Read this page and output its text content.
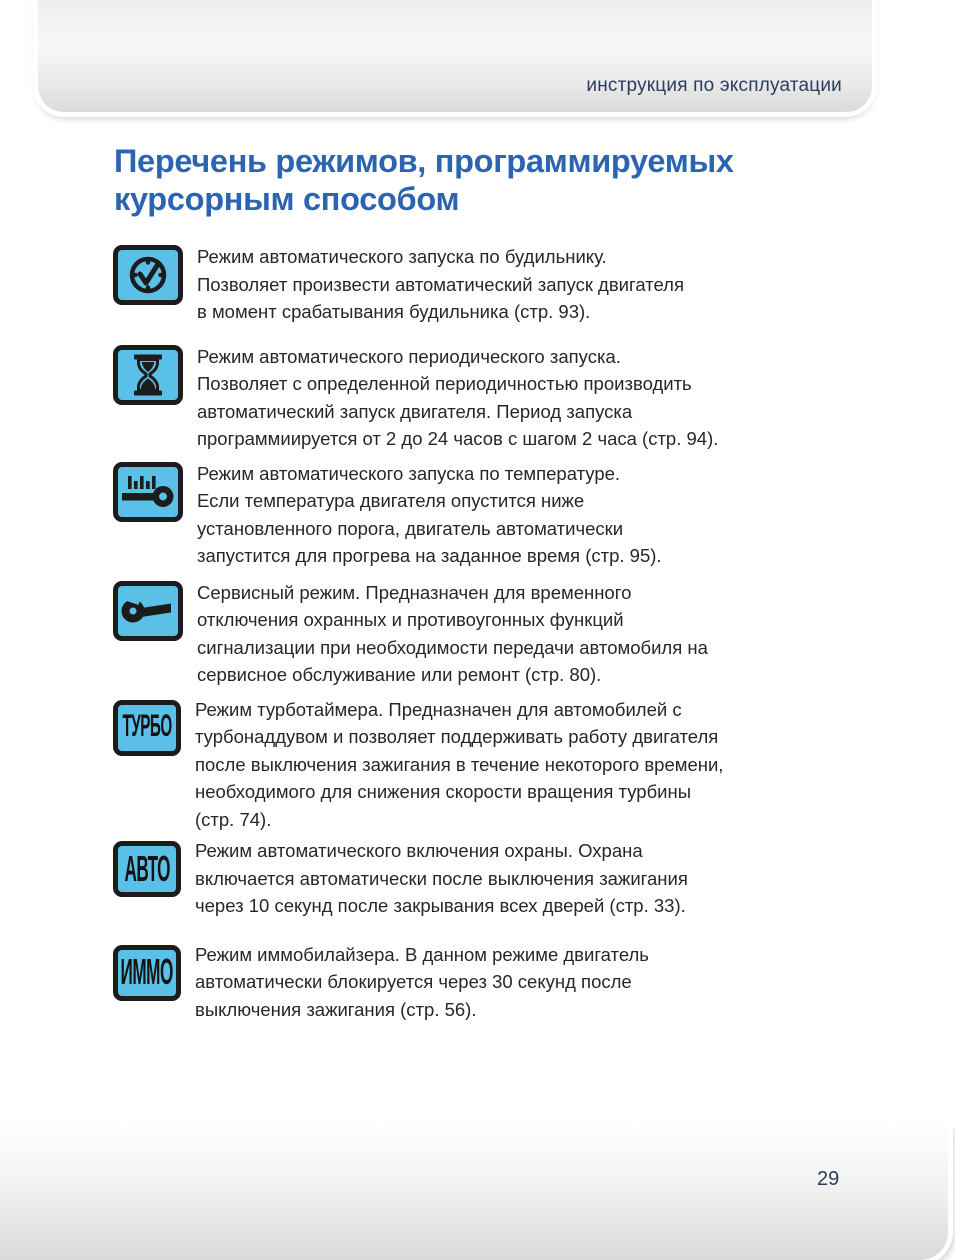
инструкция по эксплуатации
Перечень режимов, программируемых
курсорным способом
Режим автоматического запуска по будильнику.
Позволяет произвести автоматический запуск двигателя
в момент срабатывания будильника (стр. 93).
Режим автоматического периодического запуска.
Позволяет с определенной периодичностью производить
автоматический запуск двигателя. Период запуска
программиируется от 2 до 24 часов с шагом 2 часа (стр. 94).
Режим автоматического запуска по температуре.
Если температура двигателя опустится ниже
установленного порога, двигатель автоматически
запустится для прогрева на заданное время (стр. 95).
Сервисный режим. Предназначен для временного
отключения охранных и противоугонных функций
сигнализации при необходимости передачи автомобиля на
сервисное обслуживание или ремонт (стр. 80).
ТУРБО
Режим турботаймера. Предназначен для автомобилей с
турбонаддувом и позволяет поддерживать работу двигателя
после выключения зажигания в течение некоторого времени,
необходимого для снижения скорости вращения турбины
(стр. 74).
АВТО Режим автоматического включения охраны. Охрана
включается автоматически после выключения зажигания
через 10 секунд после закрывания всех дверей (стр. 33).
ИММО Режим иммобилайзера. В данном режиме двигатель
автоматически блокируется через 30 секунд после
выключения зажигания (стр. 56).
29
